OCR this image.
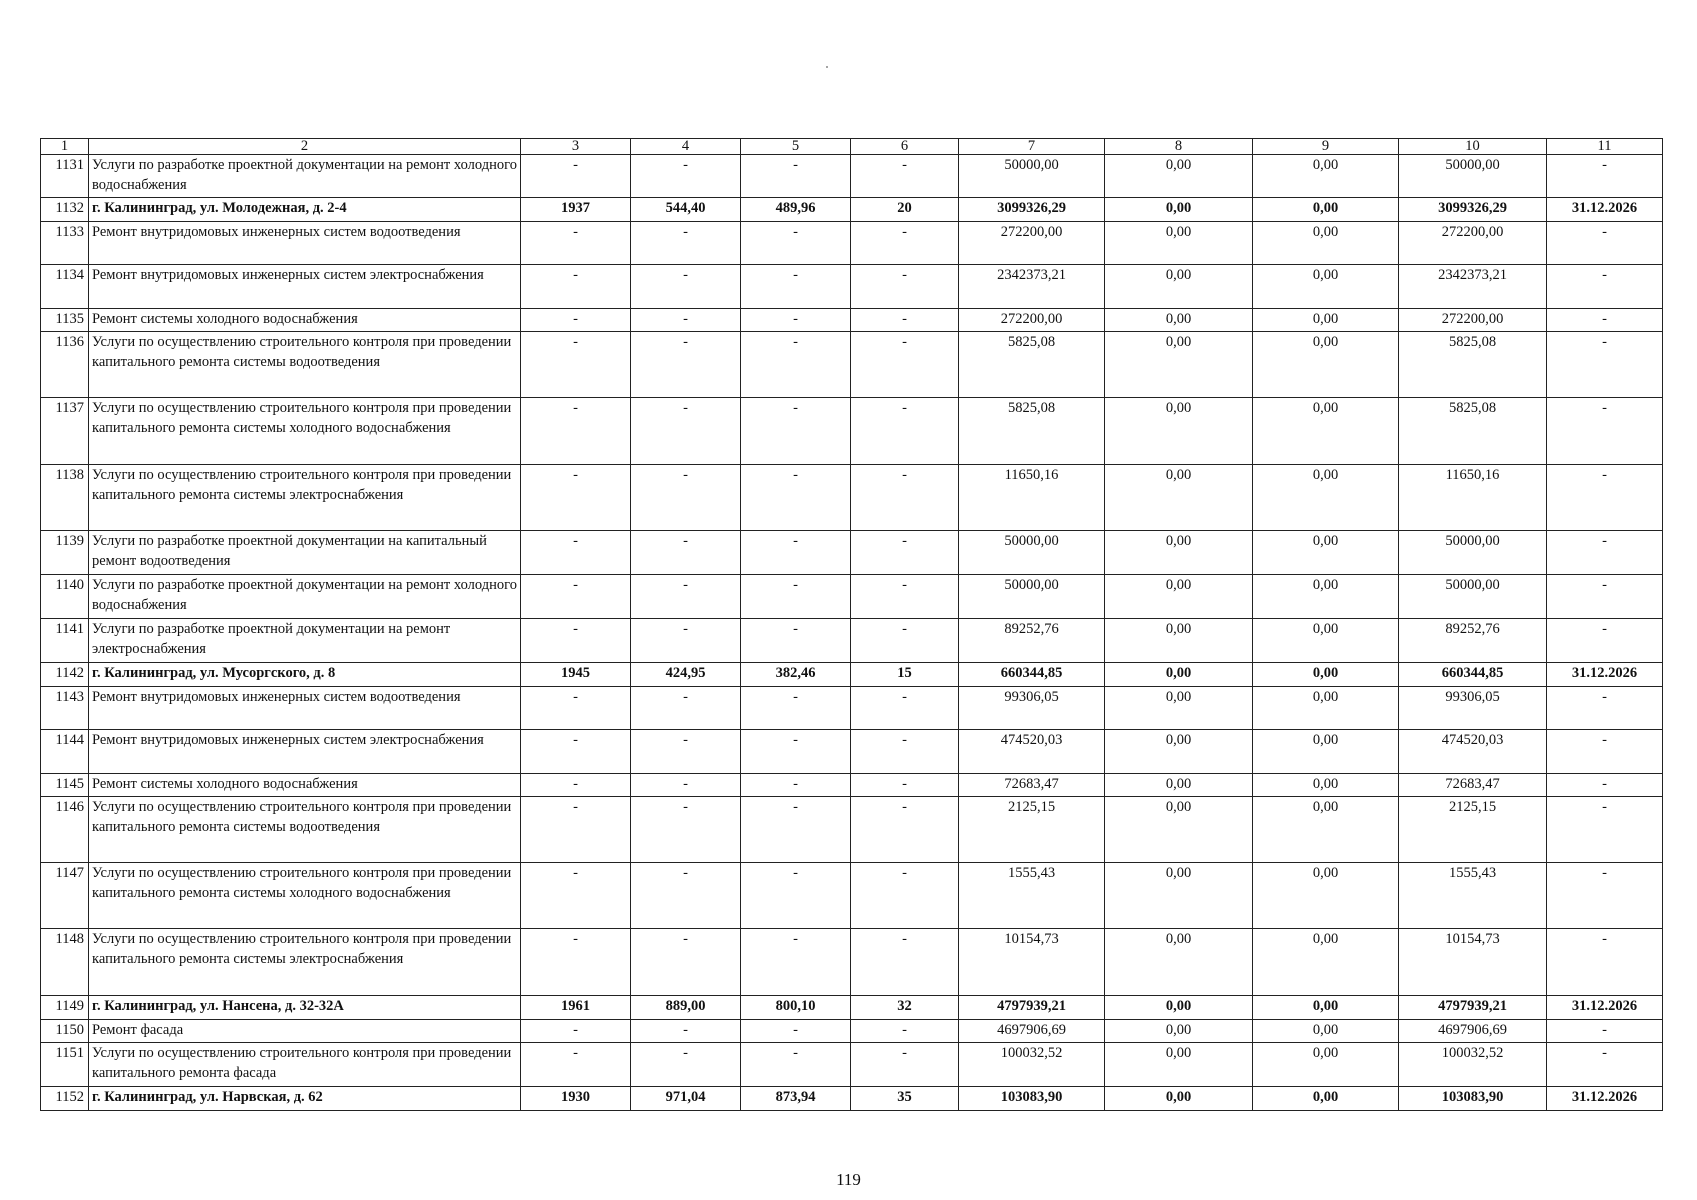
1	2	3	4	5	6	7	8	9	10	11
1131	Услуги по разработке проектной документации на ремонт холодного водоснабжения	-	-	-	-	50000,00	0,00	0,00	50000,00	-
1132	г. Калининград, ул. Молодежная, д. 2-4	1937	544,40	489,96	20	3099326,29	0,00	0,00	3099326,29	31.12.2026
1133	Ремонт внутридомовых инженерных систем водоотведения	-	-	-	-	272200,00	0,00	0,00	272200,00	-
1134	Ремонт внутридомовых инженерных систем электроснабжения	-	-	-	-	2342373,21	0,00	0,00	2342373,21	-
1135	Ремонт системы холодного водоснабжения	-	-	-	-	272200,00	0,00	0,00	272200,00	-
1136	Услуги по осуществлению строительного контроля при проведении капитального ремонта системы водоотведения	-	-	-	-	5825,08	0,00	0,00	5825,08	-
1137	Услуги по осуществлению строительного контроля при проведении капитального ремонта системы холодного водоснабжения	-	-	-	-	5825,08	0,00	0,00	5825,08	-
1138	Услуги по осуществлению строительного контроля при проведении капитального ремонта системы электроснабжения	-	-	-	-	11650,16	0,00	0,00	11650,16	-
1139	Услуги по разработке проектной документации на капитальный ремонт водоотведения	-	-	-	-	50000,00	0,00	0,00	50000,00	-
1140	Услуги по разработке проектной документации на ремонт холодного водоснабжения	-	-	-	-	50000,00	0,00	0,00	50000,00	-
1141	Услуги по разработке проектной документации на ремонт электроснабжения	-	-	-	-	89252,76	0,00	0,00	89252,76	-
1142	г. Калининград, ул. Мусоргского, д. 8	1945	424,95	382,46	15	660344,85	0,00	0,00	660344,85	31.12.2026
1143	Ремонт внутридомовых инженерных систем водоотведения	-	-	-	-	99306,05	0,00	0,00	99306,05	-
1144	Ремонт внутридомовых инженерных систем электроснабжения	-	-	-	-	474520,03	0,00	0,00	474520,03	-
1145	Ремонт системы холодного водоснабжения	-	-	-	-	72683,47	0,00	0,00	72683,47	-
1146	Услуги по осуществлению строительного контроля при проведении капитального ремонта системы водоотведения	-	-	-	-	2125,15	0,00	0,00	2125,15	-
1147	Услуги по осуществлению строительного контроля при проведении капитального ремонта системы холодного водоснабжения	-	-	-	-	1555,43	0,00	0,00	1555,43	-
1148	Услуги по осуществлению строительного контроля при проведении капитального ремонта системы электроснабжения	-	-	-	-	10154,73	0,00	0,00	10154,73	-
1149	г. Калининград, ул. Нансена, д. 32-32А	1961	889,00	800,10	32	4797939,21	0,00	0,00	4797939,21	31.12.2026
1150	Ремонт фасада	-	-	-	-	4697906,69	0,00	0,00	4697906,69	-
1151	Услуги по осуществлению строительного контроля при проведении капитального ремонта фасада	-	-	-	-	100032,52	0,00	0,00	100032,52	-
1152	г. Калининград, ул. Нарвская, д. 62	1930	971,04	873,94	35	103083,90	0,00	0,00	103083,90	31.12.2026
119
